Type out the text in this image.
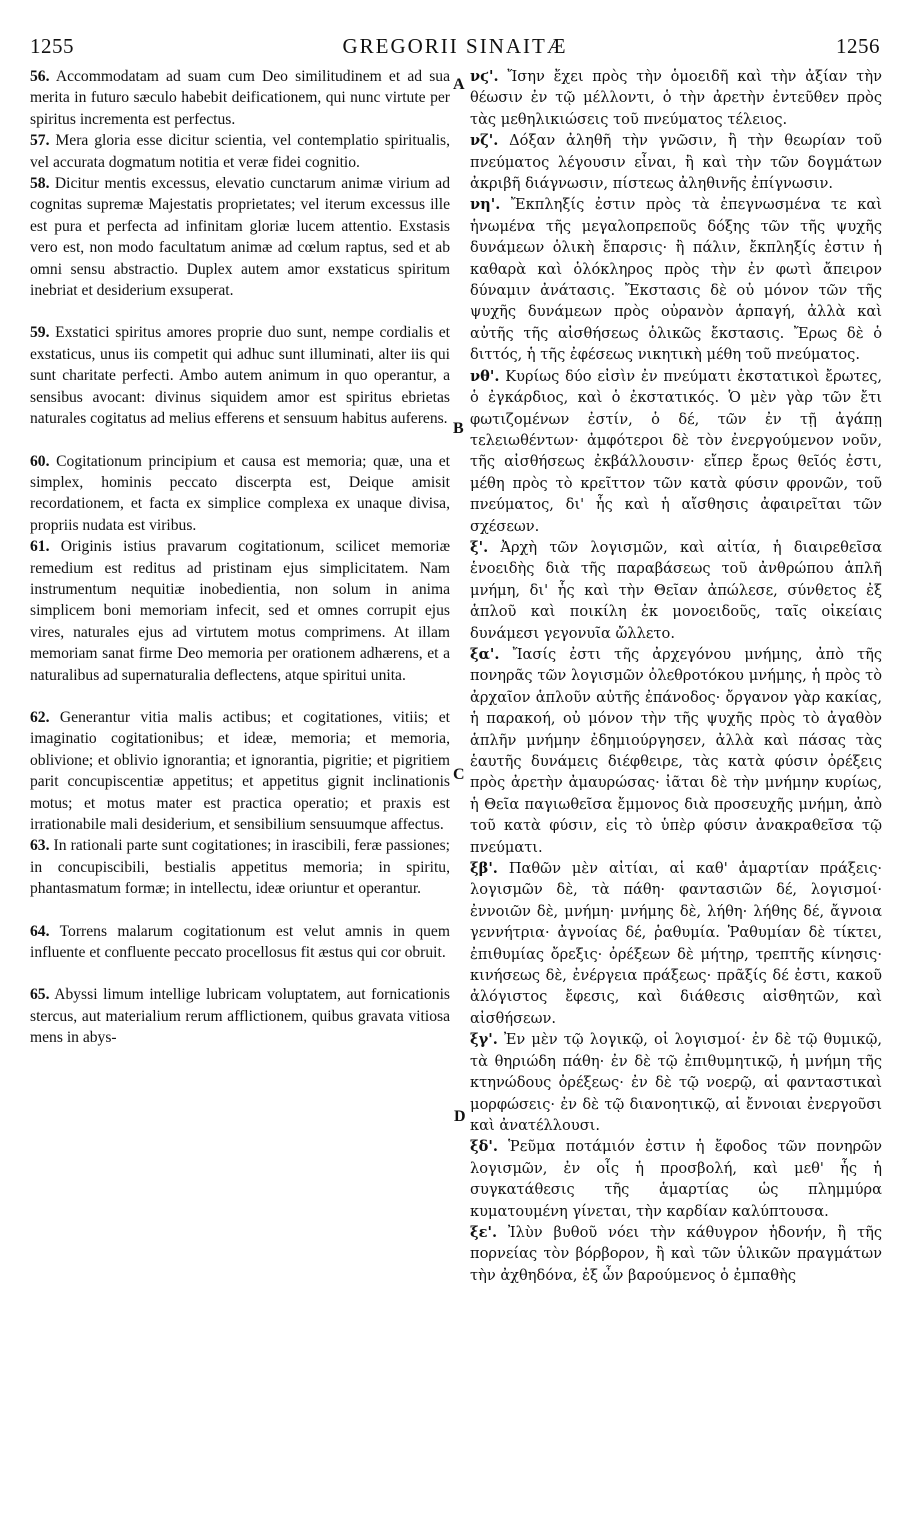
1255	GREGORII SINAITÆ	1256
A
B
C
D

56. Accommodatam ad suam cum Deo similitudinem et ad sua merita in futuro sæculo habebit deificationem, qui nunc virtute per spiritus incrementa est perfectus.

57. Mera gloria esse dicitur scientia, vel contemplatio spiritualis, vel accurata dogmatum notitia et veræ fidei cognitio.

58. Dicitur mentis excessus, elevatio cunctarum animæ virium ad cognitas supremæ Majestatis proprietates; vel iterum excessus ille est pura et perfecta ad infinitam gloriæ lucem attentio. Exstasis vero est, non modo facultatum animæ ad cœlum raptus, sed et ab omni sensu abstractio. Duplex autem amor exstaticus spiritum inebriat et desiderium exsuperat.

59. Exstatici spiritus amores proprie duo sunt, nempe cordialis et exstaticus, unus iis competit qui adhuc sunt illuminati, alter iis qui sunt charitate perfecti. Ambo autem animum in quo operantur, a sensibus avocant: divinus siquidem amor est spiritus ebrietas naturales cogitatus ad melius efferens et sensuum habitus auferens.

60. Cogitationum principium et causa est memoria; quæ, una et simplex, hominis peccato discerpta est, Deique amisit recordationem, et facta ex simplice complexa ex unaque divisa, propriis nudata est viribus.

61. Originis istius pravarum cogitationum, scilicet memoriæ remedium est reditus ad pristinam ejus simplicitatem. Nam instrumentum nequitiæ inobedientia, non solum in anima simplicem boni memoriam infecit, sed et omnes corrupit ejus vires, naturales ejus ad virtutem motus comprimens. At illam memoriam sanat firme Deo memoria per orationem adhærens, et a naturalibus ad supernaturalia deflectens, atque spiritui unita.

62. Generantur vitia malis actibus; et cogitationes, vitiis; et imaginatio cogitationibus; et ideæ, memoria; et memoria, oblivione; et oblivio ignorantia; et ignorantia, pigritie; et pigritiem parit concupiscentiæ appetitus; et appetitus gignit inclinationis motus; et motus mater est practica operatio; et praxis est irrationabile mali desiderium, et sensibilium sensuumque affectus.

63. In rationali parte sunt cogitationes; in irascibili, feræ passiones; in concupiscibili, bestialis appetitus memoria; in spiritu, phantasmatum formæ; in intellectu, ideæ oriuntur et operantur.

64. Torrens malarum cogitationum est velut amnis in quem influente et confluente peccato procellosus fit æstus qui cor obruit.

65. Abyssi limum intellige lubricam voluptatem, aut fornicationis stercus, aut materialium rerum afflictionem, quibus gravata vitiosa mens in abys-

νϛ'. Ἴσην ἔχει πρὸς τὴν ὁμοειδῆ καὶ τὴν ἀξίαν τὴν θέωσιν ἐν τῷ μέλλοντι, ὁ τὴν ἀρετὴν ἐντεῦθεν πρὸς τὰς μεθηλικιώσεις τοῦ πνεύματος τέλειος.

νζ'. Δόξαν ἀληθῆ τὴν γνῶσιν, ἢ τὴν θεωρίαν τοῦ πνεύματος λέγουσιν εἶναι, ἢ καὶ τὴν τῶν δογμάτων ἀκριβῆ διάγνωσιν, πίστεως ἀληθινῆς ἐπίγνωσιν.

νη'. Ἔκπληξίς ἐστιν πρὸς τὰ ἐπεγνωσμένα τε καὶ ἡνωμένα τῆς μεγαλοπρεποῦς δόξης τῶν τῆς ψυχῆς δυνάμεων ὁλικὴ ἔπαρσις· ἢ πάλιν, ἔκπληξίς ἐστιν ἡ καθαρὰ καὶ ὁλόκληρος πρὸς τὴν ἐν φωτὶ ἄπειρον δύναμιν ἀνάτασις. Ἔκστασις δὲ οὐ μόνον τῶν τῆς ψυχῆς δυνάμεων πρὸς οὐρανὸν ἁρπαγή, ἀλλὰ καὶ αὐτῆς τῆς αἰσθήσεως ὁλικῶς ἔκστασις. Ἔρως δὲ ὁ διττός, ἡ τῆς ἐφέσεως νικητικὴ μέθη τοῦ πνεύματος.

νθ'. Κυρίως δύο εἰσὶν ἐν πνεύματι ἐκστατικοὶ ἔρωτες, ὁ ἐγκάρδιος, καὶ ὁ ἐκστατικός. Ὁ μὲν γὰρ τῶν ἔτι φωτιζομένων ἐστίν, ὁ δέ, τῶν ἐν τῇ ἀγάπῃ τελειωθέντων· ἀμφότεροι δὲ τὸν ἐνεργούμενον νοῦν, τῆς αἰσθήσεως ἐκβάλλουσιν· εἴπερ ἔρως θεῖός ἐστι, μέθη πρὸς τὸ κρεῖττον τῶν κατὰ φύσιν φρονῶν, τοῦ πνεύματος, δι' ἧς καὶ ἡ αἴσθησις ἀφαιρεῖται τῶν σχέσεων.

ξ'. Ἀρχὴ τῶν λογισμῶν, καὶ αἰτία, ἡ διαιρεθεῖσα ἑνοειδὴς διὰ τῆς παραβάσεως τοῦ ἀνθρώπου ἁπλῆ μνήμη, δι' ἧς καὶ τὴν Θεῖαν ἀπώλεσε, σύνθετος ἐξ ἁπλοῦ καὶ ποικίλη ἐκ μονοειδοῦς, ταῖς οἰκείαις δυνάμεσι γεγονυῖα ὤλλετο.

ξα'. Ἴασίς ἐστι τῆς ἀρχεγόνου μνήμης, ἀπὸ τῆς πονηρᾶς τῶν λογισμῶν ὀλεθροτόκου μνήμης, ἡ πρὸς τὸ ἀρχαῖον ἁπλοῦν αὐτῆς ἐπάνοδος· ὄργανον γὰρ κακίας, ἡ παρακοή, οὐ μόνον τὴν τῆς ψυχῆς πρὸς τὸ ἀγαθὸν ἁπλῆν μνήμην ἐδημιούργησεν, ἀλλὰ καὶ πάσας τὰς ἑαυτῆς δυνάμεις διέφθειρε, τὰς κατὰ φύσιν ὀρέξεις πρὸς ἀρετὴν ἀμαυρώσας· ἰᾶται δὲ τὴν μνήμην κυρίως, ἡ Θεῖα παγιωθεῖσα ἔμμονος διὰ προσευχῆς μνήμη, ἀπὸ τοῦ κατὰ φύσιν, εἰς τὸ ὑπὲρ φύσιν ἀνακραθεῖσα τῷ πνεύματι.

ξβ'. Παθῶν μὲν αἰτίαι, αἱ καθ' ἁμαρτίαν πράξεις· λογισμῶν δὲ, τὰ πάθη· φαντασιῶν δέ, λογισμοί· ἐννοιῶν δὲ, μνήμη· μνήμης δὲ, λήθη· λήθης δέ, ἄγνοια γεννήτρια· ἀγνοίας δέ, ῥαθυμία. Ῥαθυμίαν δὲ τίκτει, ἐπιθυμίας ὄρεξις· ὀρέξεων δὲ μήτηρ, τρεπτῆς κίνησις· κινήσεως δὲ, ἐνέργεια πράξεως· πρᾶξίς δέ ἐστι, κακοῦ ἀλόγιστος ἔφεσις, καὶ διάθεσις αἰσθητῶν, καὶ αἰσθήσεων.

ξγ'. Ἐν μὲν τῷ λογικῷ, οἱ λογισμοί· ἐν δὲ τῷ θυμικῷ, τὰ θηριώδη πάθη· ἐν δὲ τῷ ἐπιθυμητικῷ, ἡ μνήμη τῆς κτηνώδους ὀρέξεως· ἐν δὲ τῷ νοερῷ, αἱ φανταστικαὶ μορφώσεις· ἐν δὲ τῷ διανοητικῷ, αἱ ἔννοιαι ἐνεργοῦσι καὶ ἀνατέλλουσι.

ξδ'. Ῥεῦμα ποτάμιόν ἐστιν ἡ ἔφοδος τῶν πονηρῶν λογισμῶν, ἐν οἷς ἡ προσβολή, καὶ μεθ' ἧς ἡ συγκατάθεσις τῆς ἁμαρτίας ὡς πλημμύρα κυματουμένη γίνεται, τὴν καρδίαν καλύπτουσα.

ξε'. Ἰλὺν βυθοῦ νόει τὴν κάθυγρον ἡδονήν, ἢ τῆς πορνείας τὸν βόρβορον, ἢ καὶ τῶν ὑλικῶν πραγμάτων τὴν ἀχθηδόνα, ἐξ ὧν βαρούμενος ὁ ἐμπαθὴς
